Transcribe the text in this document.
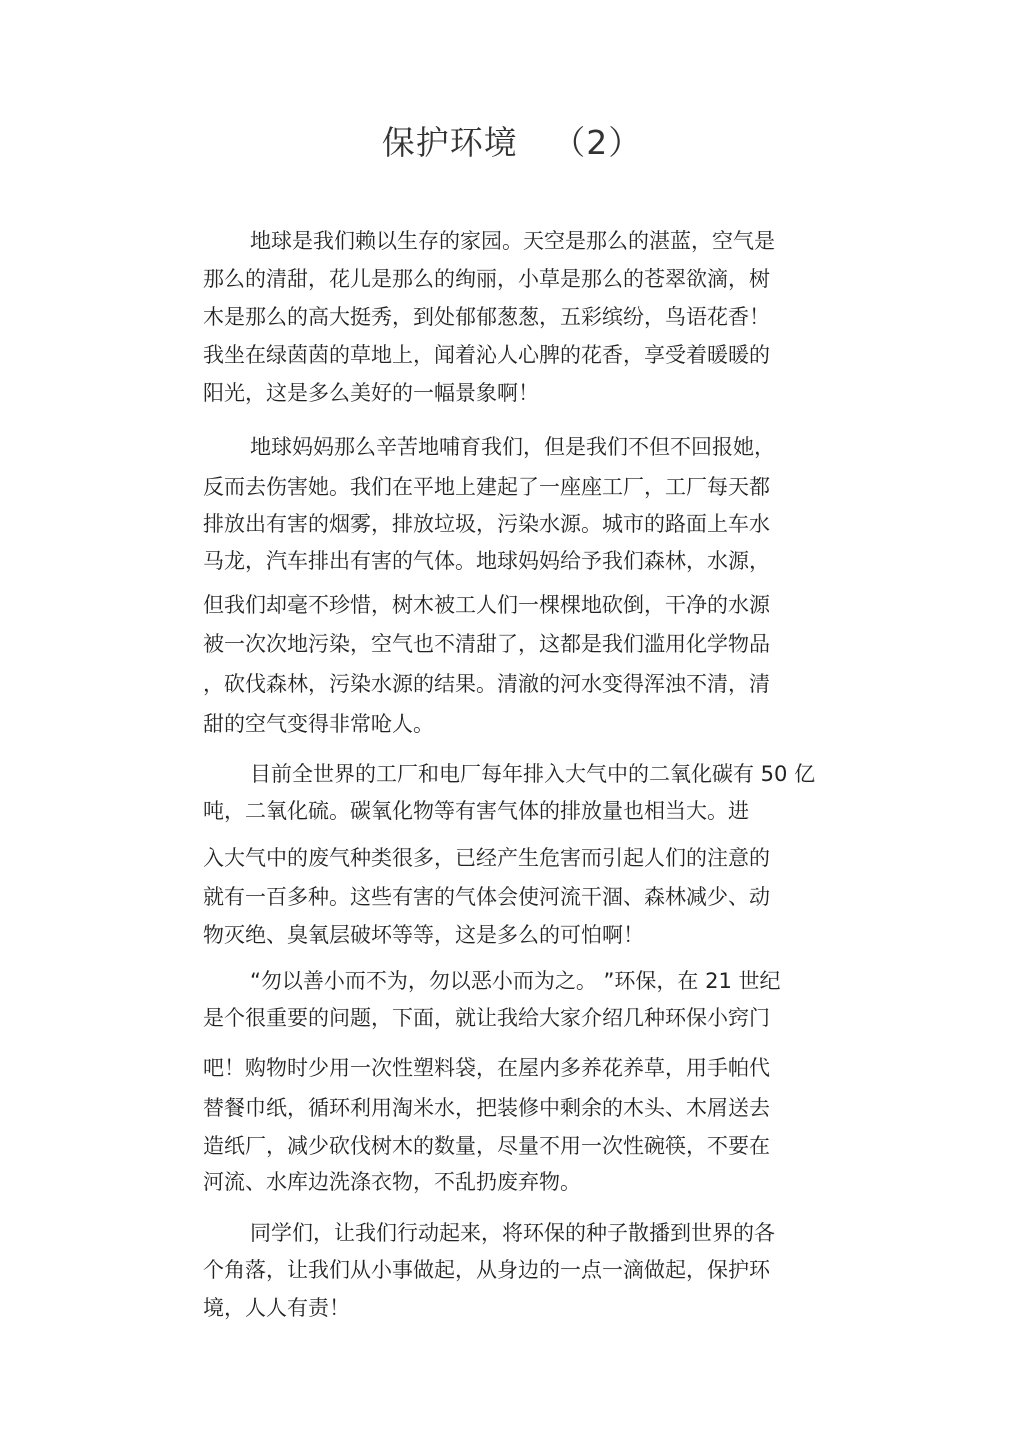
保护环境   （2）
地球是我们赖以生存的家园。天空是那么的湛蓝，空气是
那么的清甜，花儿是那么的绚丽，小草是那么的苍翠欲滴，树
木是那么的高大挺秀，到处郁郁葱葱，五彩缤纷，鸟语花香！
我坐在绿茵茵的草地上，闻着沁人心脾的花香，享受着暖暖的
阳光，这是多么美好的一幅景象啊！
地球妈妈那么辛苦地哺育我们，但是我们不但不回报她，
反而去伤害她。我们在平地上建起了一座座工厂，工厂每天都
排放出有害的烟雾，排放垃圾，污染水源。城市的路面上车水
马龙，汽车排出有害的气体。地球妈妈给予我们森林，水源，
但我们却毫不珍惜，树木被工人们一棵棵地砍倒，干净的水源
被一次次地污染，空气也不清甜了，这都是我们滥用化学物品
，砍伐森林，污染水源的结果。清澈的河水变得浑浊不清，清
甜的空气变得非常呛人。
目前全世界的工厂和电厂每年排入大气中的二氧化碳有 50 亿
吨，二氧化硫。碳氧化物等有害气体的排放量也相当大。进
入大气中的废气种类很多，已经产生危害而引起人们的注意的
就有一百多种。这些有害的气体会使河流干涸、森林减少、动
物灭绝、臭氧层破坏等等，这是多么的可怕啊！
“勿以善小而不为，勿以恶小而为之。 ”环保，在 21 世纪
是个很重要的问题，下面，就让我给大家介绍几种环保小窍门
吧！购物时少用一次性塑料袋，在屋内多养花养草，用手帕代
替餐巾纸，循环利用淘米水，把装修中剩余的木头、木屑送去
造纸厂，减少砍伐树木的数量，尽量不用一次性碗筷，不要在
河流、水库边洗涤衣物，不乱扔废弃物。
同学们，让我们行动起来，将环保的种子散播到世界的各
个角落，让我们从小事做起，从身边的一点一滴做起，保护环
境，人人有责！
